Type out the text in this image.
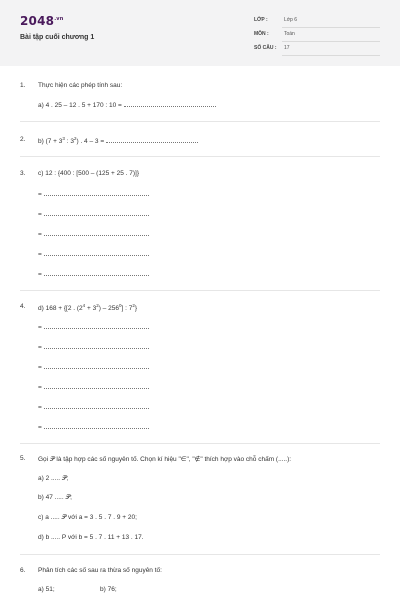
$2048^{.vn}$
Bài tập cuối chương 1
LỚP :	Lớp 6
MÔN :	Toán
SỐ CÂU : 17
1. Thực hiện các phép tính sau:
a) 4 . 25 – 12 . 5 + 170 : 10 =
2. b) ($7 + 3^3$ : $3^2$) . 4 – 3 =
3. c) 12 : {400 : [500 – (125 + 25 . 7)]}
=
=
=
=
=
4. d) 168 + {[2 . $(2^4 + 3^2) - 256^0$] : $7^2$}
=
=
=
=
=
=
5. Gọi 𝒫 là tập hợp các số nguyên tố. Chọn kí hiệu "∈", "∉" thích hợp vào chỗ chấm (.....):
a) 2 ..... 𝒫;
b) 47 ..... 𝒫;
c) a ..... 𝒫 với a = 3 . 5 . 7 . 9 + 20;
d) b ..... P với b = 5 . 7 . 11 + 13 . 17.
6. Phân tích các số sau ra thừa số nguyên tố:
a) 51;	b) 76;
